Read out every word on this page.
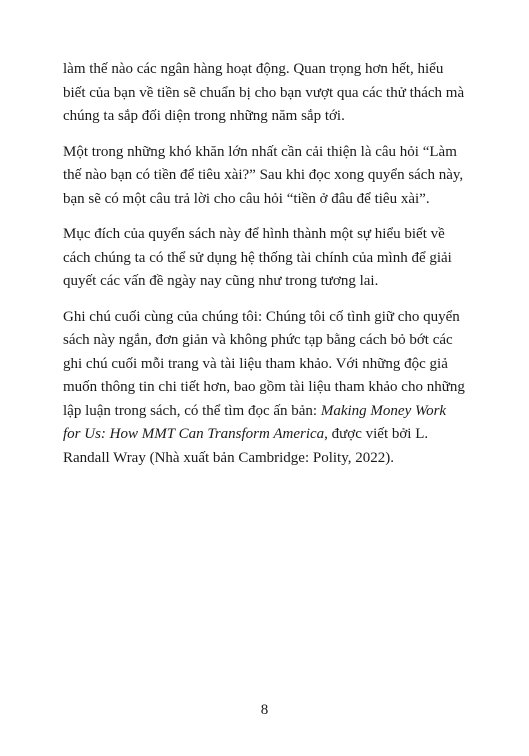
làm thế nào các ngân hàng hoạt động. Quan trọng hơn hết, hiểu biết của bạn về tiền sẽ chuẩn bị cho bạn vượt qua các thử thách mà chúng ta sắp đối diện trong những năm sắp tới.

Một trong những khó khăn lớn nhất cần cải thiện là câu hỏi “Làm thế nào bạn có tiền để tiêu xài?” Sau khi đọc xong quyển sách này, bạn sẽ có một câu trả lời cho câu hỏi “tiền ở đâu để tiêu xài”.

Mục đích của quyển sách này để hình thành một sự hiểu biết về cách chúng ta có thể sử dụng hệ thống tài chính của mình để giải quyết các vấn đề ngày nay cũng như trong tương lai.

Ghi chú cuối cùng của chúng tôi: Chúng tôi cố tình giữ cho quyển sách này ngắn, đơn giản và không phức tạp bằng cách bỏ bớt các ghi chú cuối mỗi trang và tài liệu tham khảo. Với những độc giả muốn thông tin chi tiết hơn, bao gồm tài liệu tham khảo cho những lập luận trong sách, có thể tìm đọc ấn bản: Making Money Work for Us: How MMT Can Transform America, được viết bởi L. Randall Wray (Nhà xuất bản Cambridge: Polity, 2022).

8
